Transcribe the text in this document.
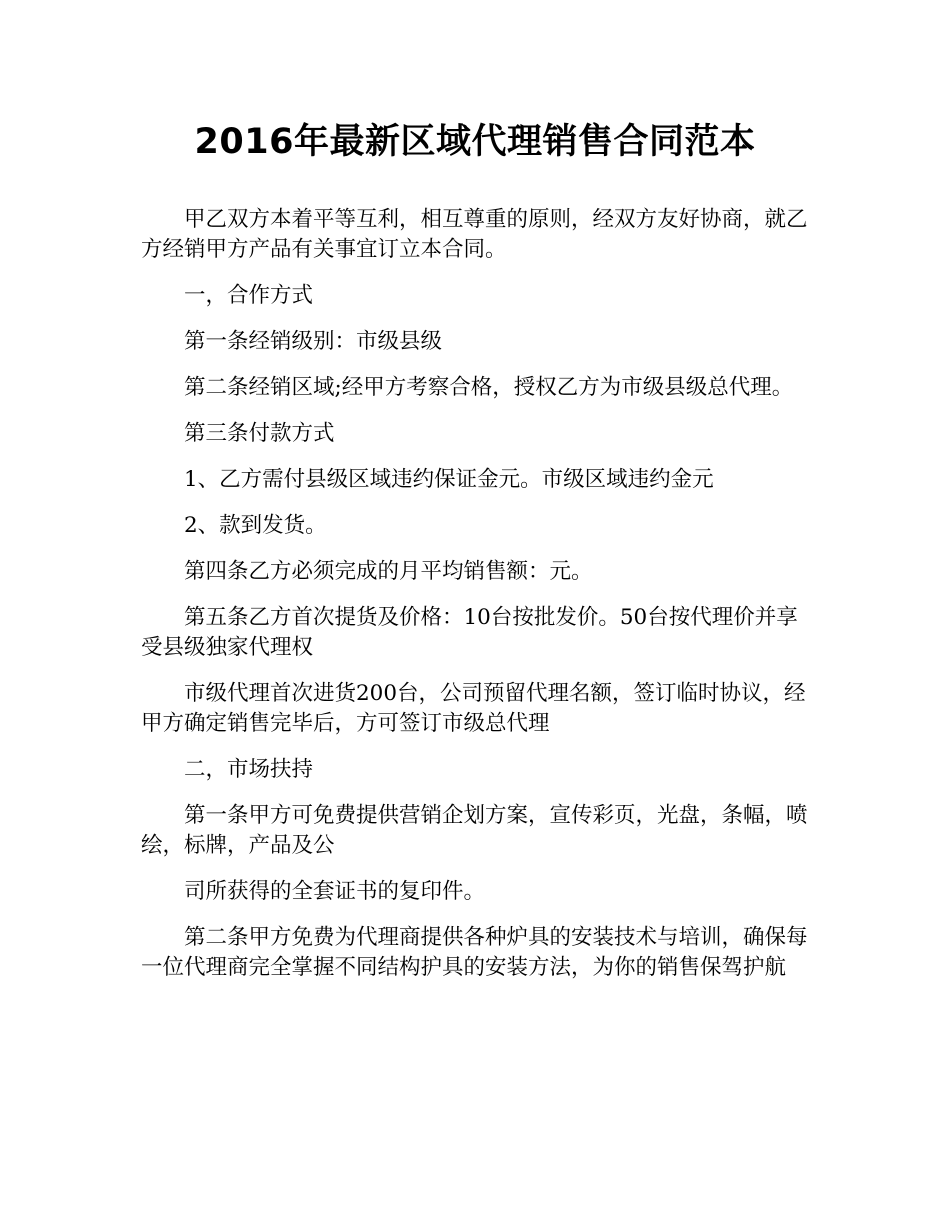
2016年最新区域代理销售合同范本

甲乙双方本着平等互利，相互尊重的原则，经双方友好协商，就乙方经销甲方产品有关事宜订立本合同。

一，合作方式

第一条经销级别：市级县级

第二条经销区域;经甲方考察合格，授权乙方为市级县级总代理。

第三条付款方式

1、乙方需付县级区域违约保证金元。市级区域违约金元

2、款到发货。

第四条乙方必须完成的月平均销售额：元。

第五条乙方首次提货及价格：10台按批发价。50台按代理价并享受县级独家代理权

市级代理首次进货200台，公司预留代理名额，签订临时协议，经甲方确定销售完毕后，方可签订市级总代理

二，市场扶持

第一条甲方可免费提供营销企划方案，宣传彩页，光盘，条幅，喷绘，标牌，产品及公

司所获得的全套证书的复印件。

第二条甲方免费为代理商提供各种炉具的安装技术与培训，确保每一位代理商完全掌握不同结构护具的安装方法，为你的销售保驾护航
